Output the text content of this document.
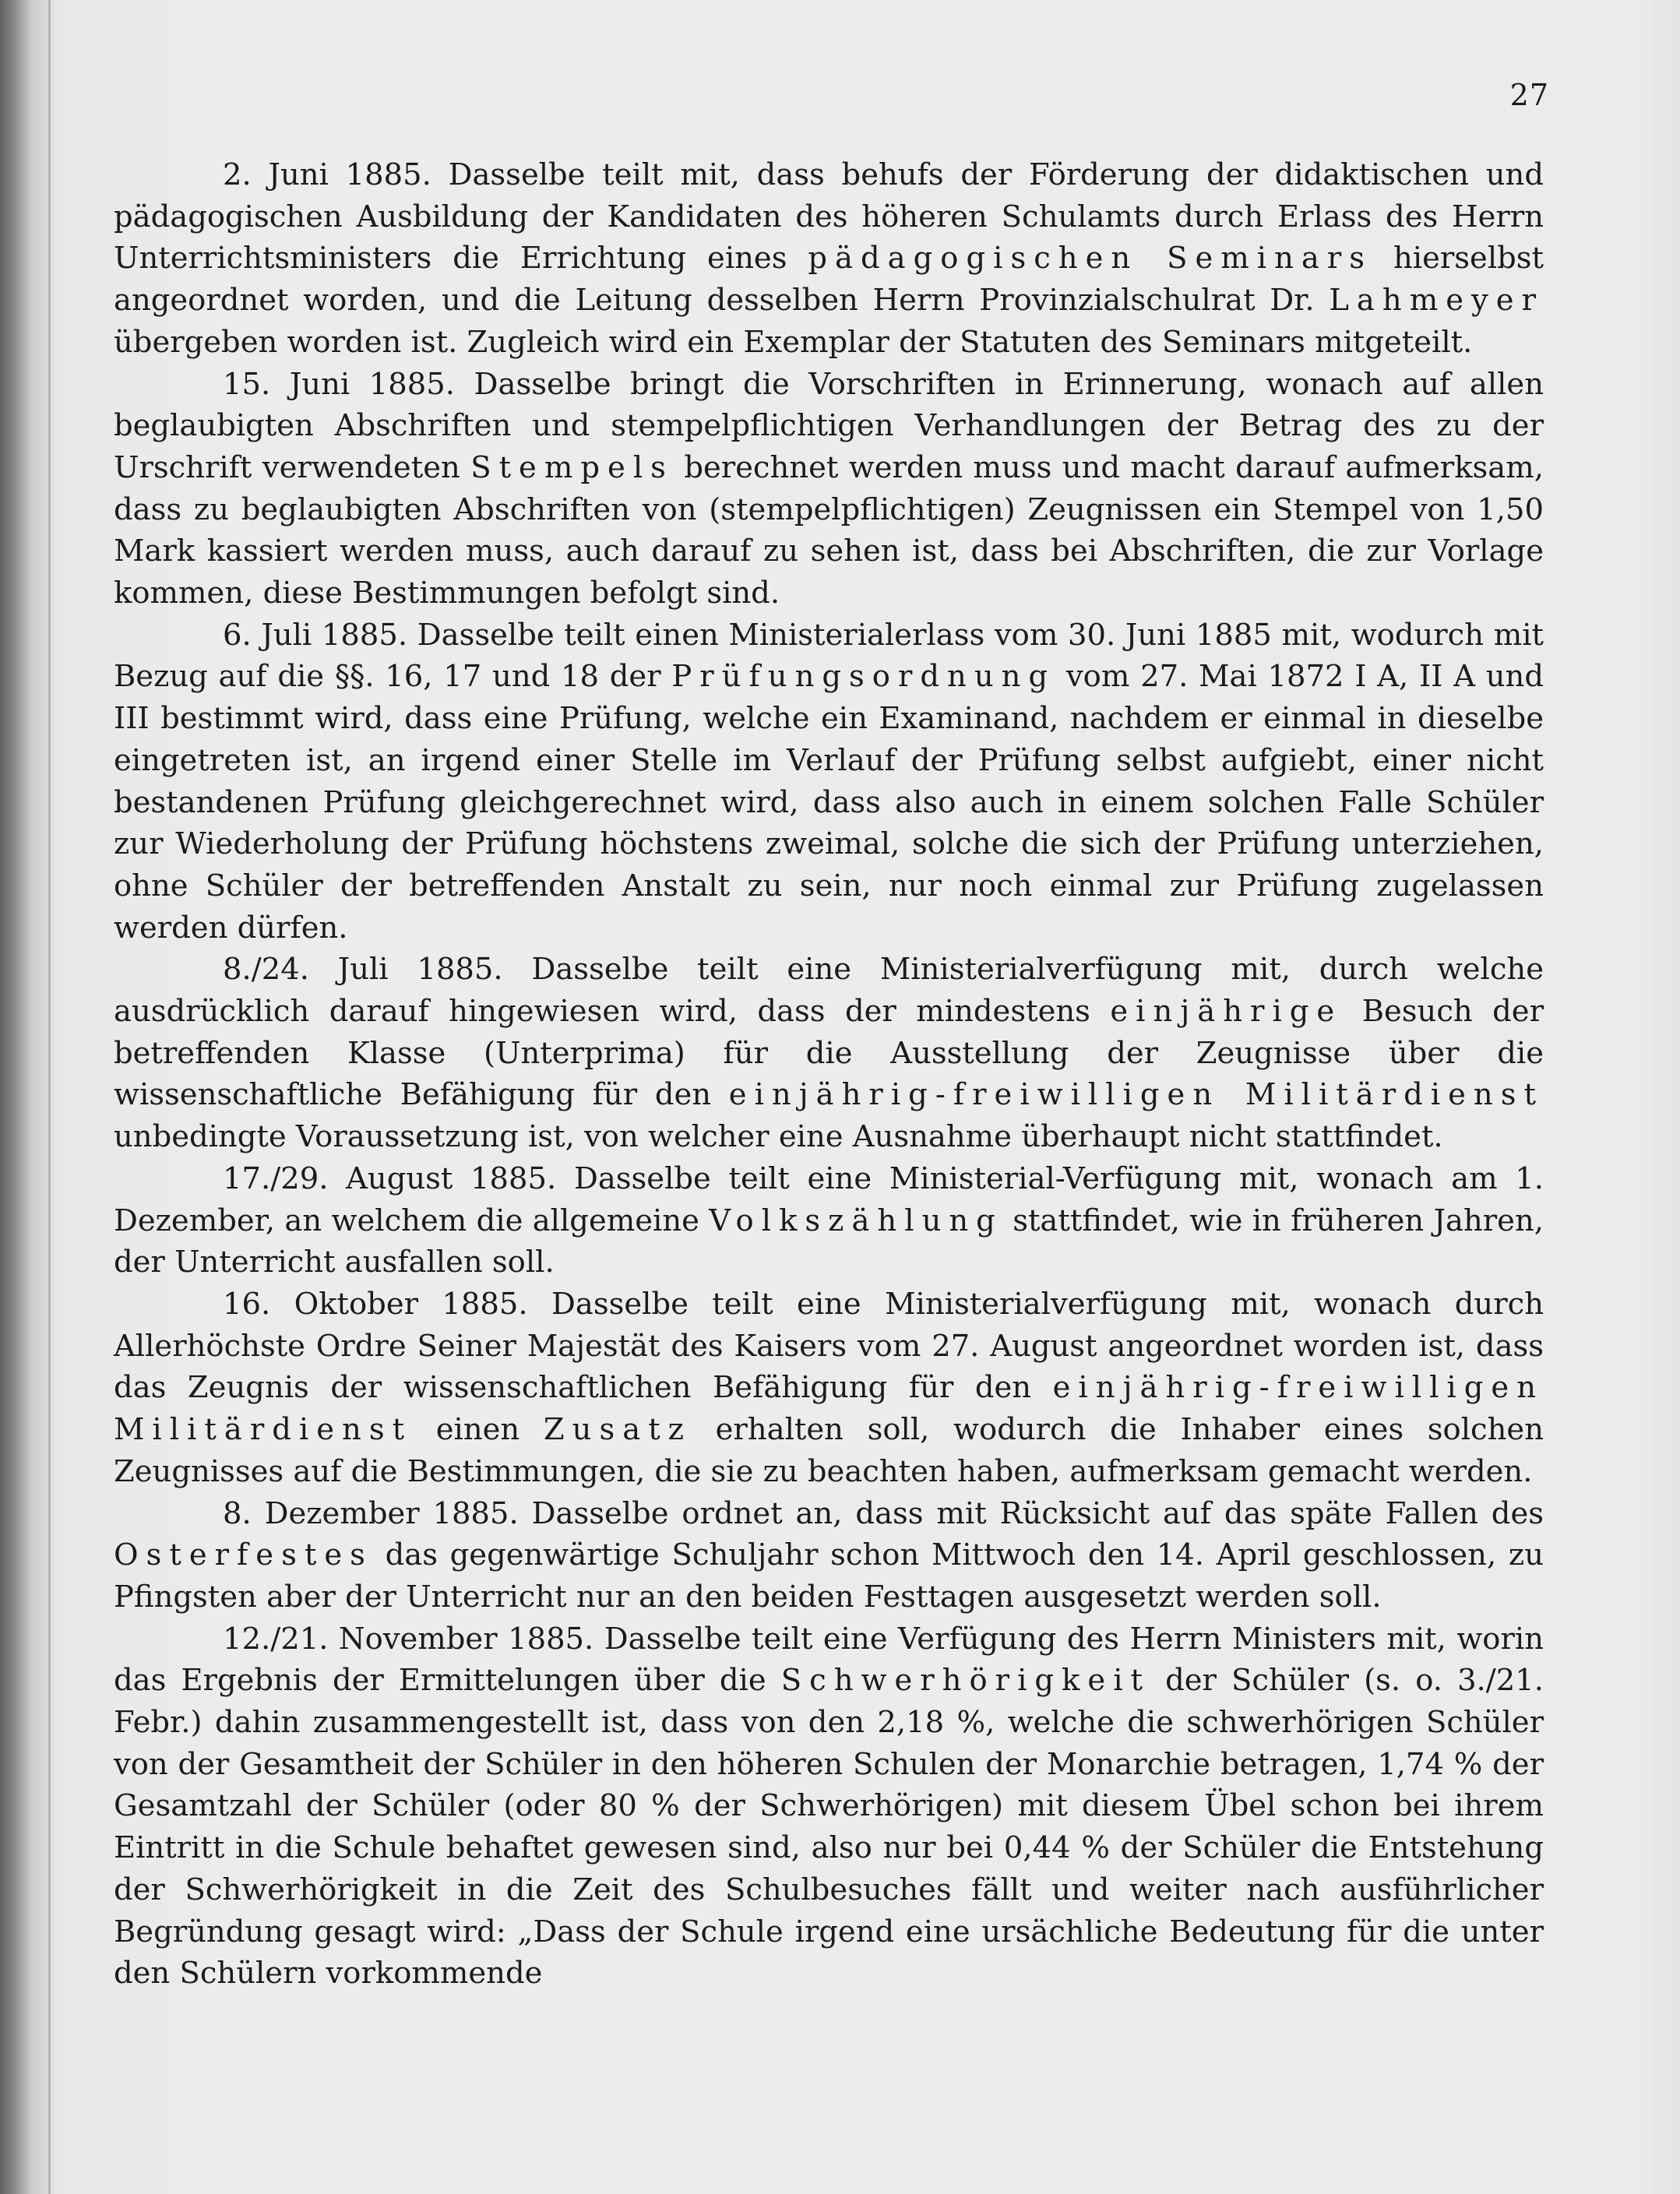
27

2. Juni 1885. Dasselbe teilt mit, dass behufs der Förderung der didaktischen und pädagogischen Ausbildung der Kandidaten des höheren Schulamts durch Erlass des Herrn Unterrichtsministers die Errichtung eines pädagogischen Seminars hierselbst angeordnet worden, und die Leitung desselben Herrn Provinzialschulrat Dr. Lahmeyer übergeben worden ist. Zugleich wird ein Exemplar der Statuten des Seminars mitgeteilt.

15. Juni 1885. Dasselbe bringt die Vorschriften in Erinnerung, wonach auf allen beglaubigten Abschriften und stempelpflichtigen Verhandlungen der Betrag des zu der Urschrift verwendeten Stempels berechnet werden muss und macht darauf aufmerksam, dass zu beglaubigten Abschriften von (stempelpflichtigen) Zeugnissen ein Stempel von 1,50 Mark kassiert werden muss, auch darauf zu sehen ist, dass bei Abschriften, die zur Vorlage kommen, diese Bestimmungen befolgt sind.

6. Juli 1885. Dasselbe teilt einen Ministerialerlass vom 30. Juni 1885 mit, wodurch mit Bezug auf die §§. 16, 17 und 18 der Prüfungsordnung vom 27. Mai 1872 I A, II A und III bestimmt wird, dass eine Prüfung, welche ein Examinand, nachdem er einmal in dieselbe eingetreten ist, an irgend einer Stelle im Verlauf der Prüfung selbst aufgiebt, einer nicht bestandenen Prüfung gleichgerechnet wird, dass also auch in einem solchen Falle Schüler zur Wiederholung der Prüfung höchstens zweimal, solche die sich der Prüfung unterziehen, ohne Schüler der betreffenden Anstalt zu sein, nur noch einmal zur Prüfung zugelassen werden dürfen.

8./24. Juli 1885. Dasselbe teilt eine Ministerialverfügung mit, durch welche ausdrücklich darauf hingewiesen wird, dass der mindestens einjährige Besuch der betreffenden Klasse (Unterprima) für die Ausstellung der Zeugnisse über die wissenschaftliche Befähigung für den einjährig-freiwilligen Militärdienst unbedingte Voraussetzung ist, von welcher eine Ausnahme überhaupt nicht stattfindet.

17./29. August 1885. Dasselbe teilt eine Ministerial-Verfügung mit, wonach am 1. Dezember, an welchem die allgemeine Volkszählung stattfindet, wie in früheren Jahren, der Unterricht ausfallen soll.

16. Oktober 1885. Dasselbe teilt eine Ministerialverfügung mit, wonach durch Allerhöchste Ordre Seiner Majestät des Kaisers vom 27. August angeordnet worden ist, dass das Zeugnis der wissenschaftlichen Befähigung für den einjährig-freiwilligen Militärdienst einen Zusatz erhalten soll, wodurch die Inhaber eines solchen Zeugnisses auf die Bestimmungen, die sie zu beachten haben, aufmerksam gemacht werden.

8. Dezember 1885. Dasselbe ordnet an, dass mit Rücksicht auf das späte Fallen des Osterfestes das gegenwärtige Schuljahr schon Mittwoch den 14. April geschlossen, zu Pfingsten aber der Unterricht nur an den beiden Festtagen ausgesetzt werden soll.

12./21. November 1885. Dasselbe teilt eine Verfügung des Herrn Ministers mit, worin das Ergebnis der Ermittelungen über die Schwerhörigkeit der Schüler (s. o. 3./21. Febr.) dahin zusammengestellt ist, dass von den 2,18 %, welche die schwerhörigen Schüler von der Gesamtheit der Schüler in den höheren Schulen der Monarchie betragen, 1,74 % der Gesamtzahl der Schüler (oder 80 % der Schwerhörigen) mit diesem Übel schon bei ihrem Eintritt in die Schule behaftet gewesen sind, also nur bei 0,44 % der Schüler die Entstehung der Schwerhörigkeit in die Zeit des Schulbesuches fällt und weiter nach ausführlicher Begründung gesagt wird: „Dass der Schule irgend eine ursächliche Bedeutung für die unter den Schülern vorkommende
